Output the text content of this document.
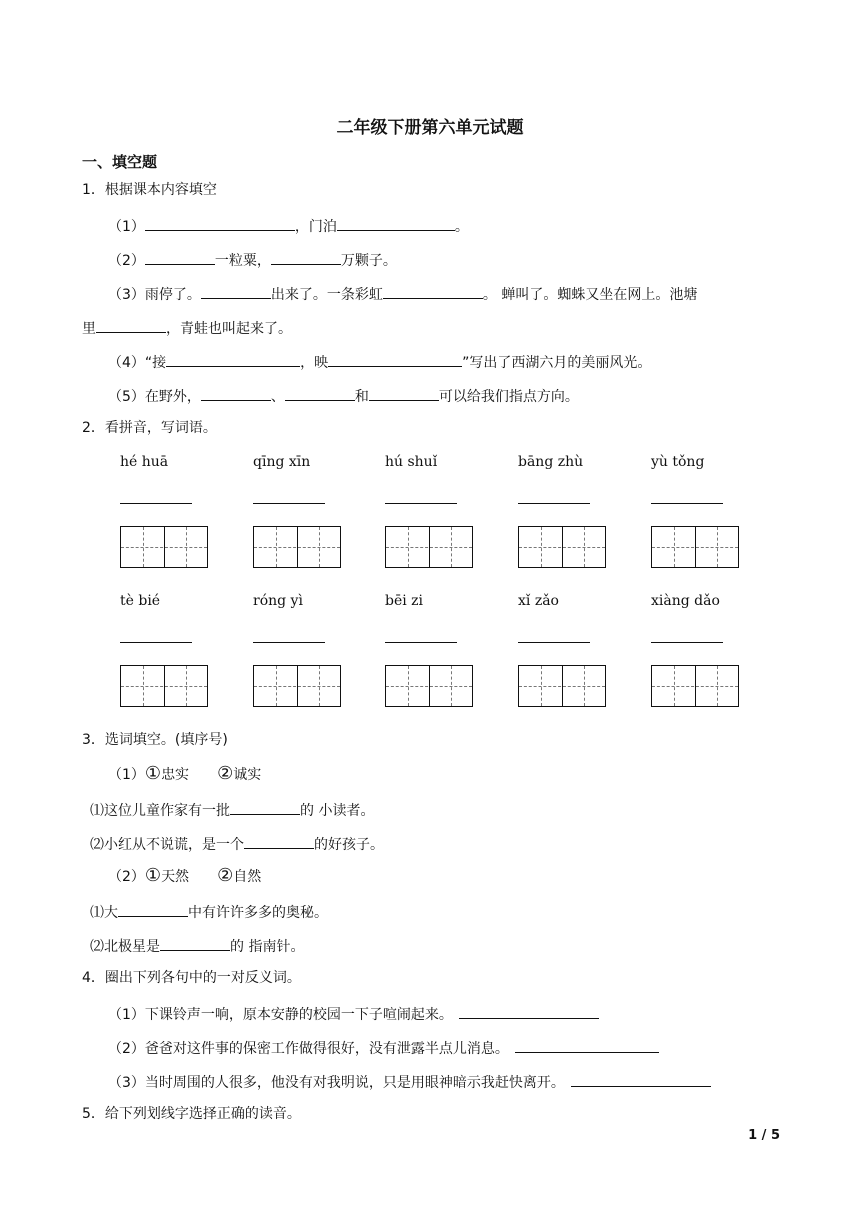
二年级下册第六单元试题
一、填空题
1．根据课本内容填空
（1）	，门泊	。
（2）	一粒粟，	万颗子。
（3）雨停了。	出来了。一条彩虹	。 蝉叫了。蜘蛛又坐在网上。池塘
里	，青蛙也叫起来了。
（4）“接	，映	”写出了西湖六月的美丽风光。
（5）在野外，	、	和	可以给我们指点方向。
2．看拼音，写词语。
hé huā	qīng xīn	hú shuǐ	bāng zhù	yù tǒng
tè bié	róng yì	bēi zi	xǐ zǎo	xiàng dǎo
3．选词填空。(填序号)
（1）①忠实 ②诚实
⑴这位儿童作家有一批	的 小读者。
⑵小红从不说谎，是一个	的好孩子。
（2）①天然 ②自然
⑴大	中有许许多多的奥秘。
⑵北极星是	的 指南针。
4．圈出下列各句中的一对反义词。
（1）下课铃声一响，原本安静的校园一下子喧闹起来。
（2）爸爸对这件事的保密工作做得很好，没有泄露半点儿消息。
（3）当时周围的人很多，他没有对我明说，只是用眼神暗示我赶快离开。
5．给下列划线字选择正确的读音。
1 / 5
